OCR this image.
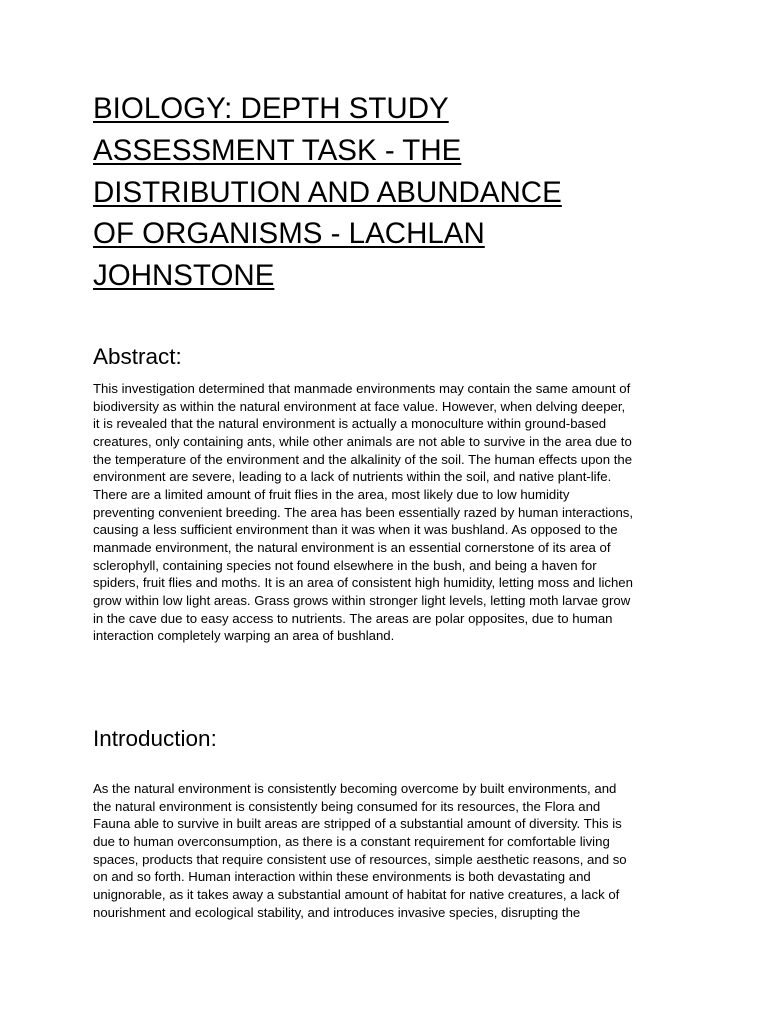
BIOLOGY: DEPTH STUDY
ASSESSMENT TASK - THE
DISTRIBUTION AND ABUNDANCE
OF ORGANISMS - LACHLAN
JOHNSTONE
Abstract:

This investigation determined that manmade environments may contain the same amount of
biodiversity as within the natural environment at face value. However, when delving deeper,
it is revealed that the natural environment is actually a monoculture within ground-based
creatures, only containing ants, while other animals are not able to survive in the area due to
the temperature of the environment and the alkalinity of the soil. The human effects upon the
environment are severe, leading to a lack of nutrients within the soil, and native plant-life.
There are a limited amount of fruit flies in the area, most likely due to low humidity
preventing convenient breeding. The area has been essentially razed by human interactions,
causing a less sufficient environment than it was when it was bushland. As opposed to the
manmade environment, the natural environment is an essential cornerstone of its area of
sclerophyll, containing species not found elsewhere in the bush, and being a haven for
spiders, fruit flies and moths. It is an area of consistent high humidity, letting moss and lichen
grow within low light areas. Grass grows within stronger light levels, letting moth larvae grow
in the cave due to easy access to nutrients. The areas are polar opposites, due to human
interaction completely warping an area of bushland.

Introduction:

As the natural environment is consistently becoming overcome by built environments, and
the natural environment is consistently being consumed for its resources, the Flora and
Fauna able to survive in built areas are stripped of a substantial amount of diversity. This is
due to human overconsumption, as there is a constant requirement for comfortable living
spaces, products that require consistent use of resources, simple aesthetic reasons, and so
on and so forth. Human interaction within these environments is both devastating and
unignorable, as it takes away a substantial amount of habitat for native creatures, a lack of
nourishment and ecological stability, and introduces invasive species, disrupting the
